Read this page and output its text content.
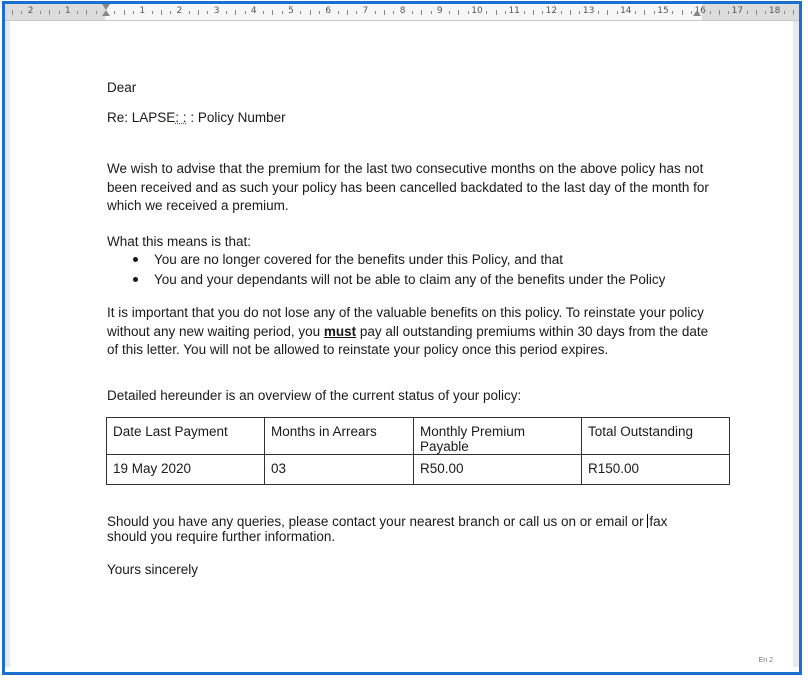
2	1	1	2	3	4	5	6	7	8	9	10	11	12	13	14	15	16	17	18
Dear
Re: LAPSE: : : Policy Number
We wish to advise that the premium for the last two consecutive months on the above policy has not
been received and as such your policy has been cancelled backdated to the last day of the month for
which we received a premium.
What this means is that:
You are no longer covered for the benefits under this Policy, and that
You and your dependants will not be able to claim any of the benefits under the Policy
It is important that you do not lose any of the valuable benefits on this policy. To reinstate your policy
without any new waiting period, you must pay all outstanding premiums within 30 days from the date
of this letter. You will not be allowed to reinstate your policy once this period expires.
Detailed hereunder is an overview of the current status of your policy:
Date Last Payment	Months in Arrears	Monthly Premium Payable	Total Outstanding
19 May 2020	03	R50.00	R150.00
Should you have any queries, please contact your nearest branch or call us on or email or fax
should you require further information.
Yours sincerely
En 2
